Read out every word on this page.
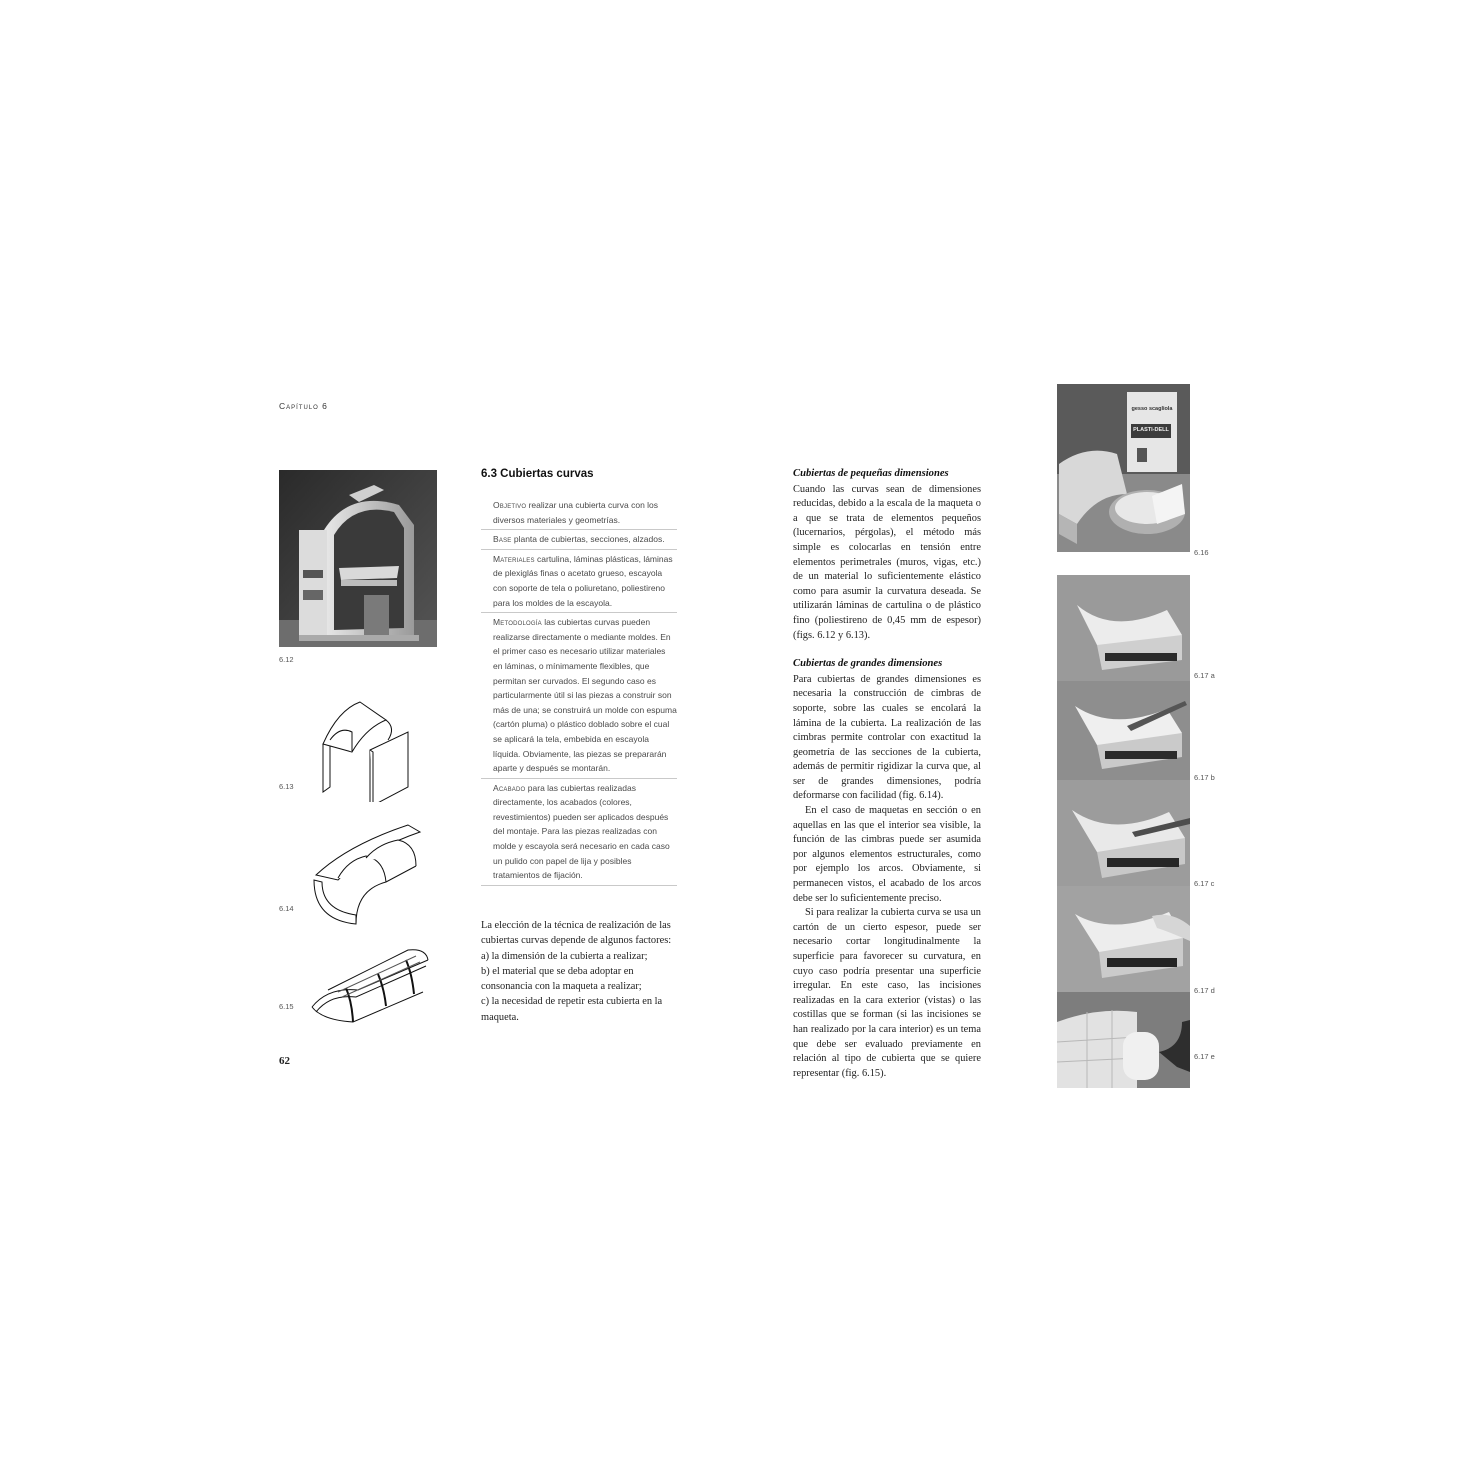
Capítulo 6
6.12
6.13
6.14
6.15
6.3 Cubiertas curvas
Objetivo realizar una cubierta curva con los diversos materiales y geometrías.
Base planta de cubiertas, secciones, alzados.
Materiales cartulina, láminas plásticas, láminas de plexiglás finas o acetato grueso, escayola con soporte de tela o poliuretano, poliestireno para los moldes de la escayola.
Metodología las cubiertas curvas pueden realizarse directamente o mediante moldes. En el primer caso es necesario utilizar materiales en láminas, o mínimamente flexibles, que permitan ser curvados. El segundo caso es particularmente útil si las piezas a construir son más de una; se construirá un molde con espuma (cartón pluma) o plástico doblado sobre el cual se aplicará la tela, embebida en escayola líquida. Obviamente, las piezas se prepararán aparte y después se montarán.
Acabado para las cubiertas realizadas directamente, los acabados (colores, revestimientos) pueden ser aplicados después del montaje. Para las piezas realizadas con molde y escayola será necesario en cada caso un pulido con papel de lija y posibles tratamientos de fijación.

La elección de la técnica de realización de las cubiertas curvas depende de algunos factores:

a) la dimensión de la cubierta a realizar;

b) el material que se deba adoptar en consonancia con la maqueta a realizar;

c) la necesidad de repetir esta cubierta en la maqueta.

62
Cubiertas de pequeñas dimensiones

Cuando las curvas sean de dimensiones reducidas, debido a la escala de la maqueta o a que se trata de elementos pequeños (lucernarios, pérgolas), el método más simple es colocarlas en tensión entre elementos perimetrales (muros, vigas, etc.) de un material lo suficientemente elástico como para asumir la curvatura deseada. Se utilizarán láminas de cartulina o de plástico fino (poliestireno de 0,45 mm de espesor) (figs. 6.12 y 6.13).

Cubiertas de grandes dimensiones

Para cubiertas de grandes dimensiones es necesaria la construcción de cimbras de soporte, sobre las cuales se encolará la lámina de la cubierta. La realización de las cimbras permite controlar con exactitud la geometría de las secciones de la cubierta, además de permitir rigidizar la curva que, al ser de grandes dimensiones, podría deformarse con facilidad (fig. 6.14).

En el caso de maquetas en sección o en aquellas en las que el interior sea visible, la función de las cimbras puede ser asumida por algunos elementos estructurales, como por ejemplo los arcos. Obviamente, si permanecen vistos, el acabado de los arcos debe ser lo suficientemente preciso.

Si para realizar la cubierta curva se usa un cartón de un cierto espesor, puede ser necesario cortar longitudinalmente la superficie para favorecer su curvatura, en cuyo caso podría presentar una superficie irregular. En este caso, las incisiones realizadas en la cara exterior (vistas) o las costillas que se forman (si las incisiones se han realizado por la cara interior) es un tema que debe ser evaluado previamente en relación al tipo de cubierta que se quiere representar (fig. 6.15).

gesso scagliola
PLASTI-DELL
6.16
6.17 a
6.17 b
6.17 c
6.17 d
6.17 e
